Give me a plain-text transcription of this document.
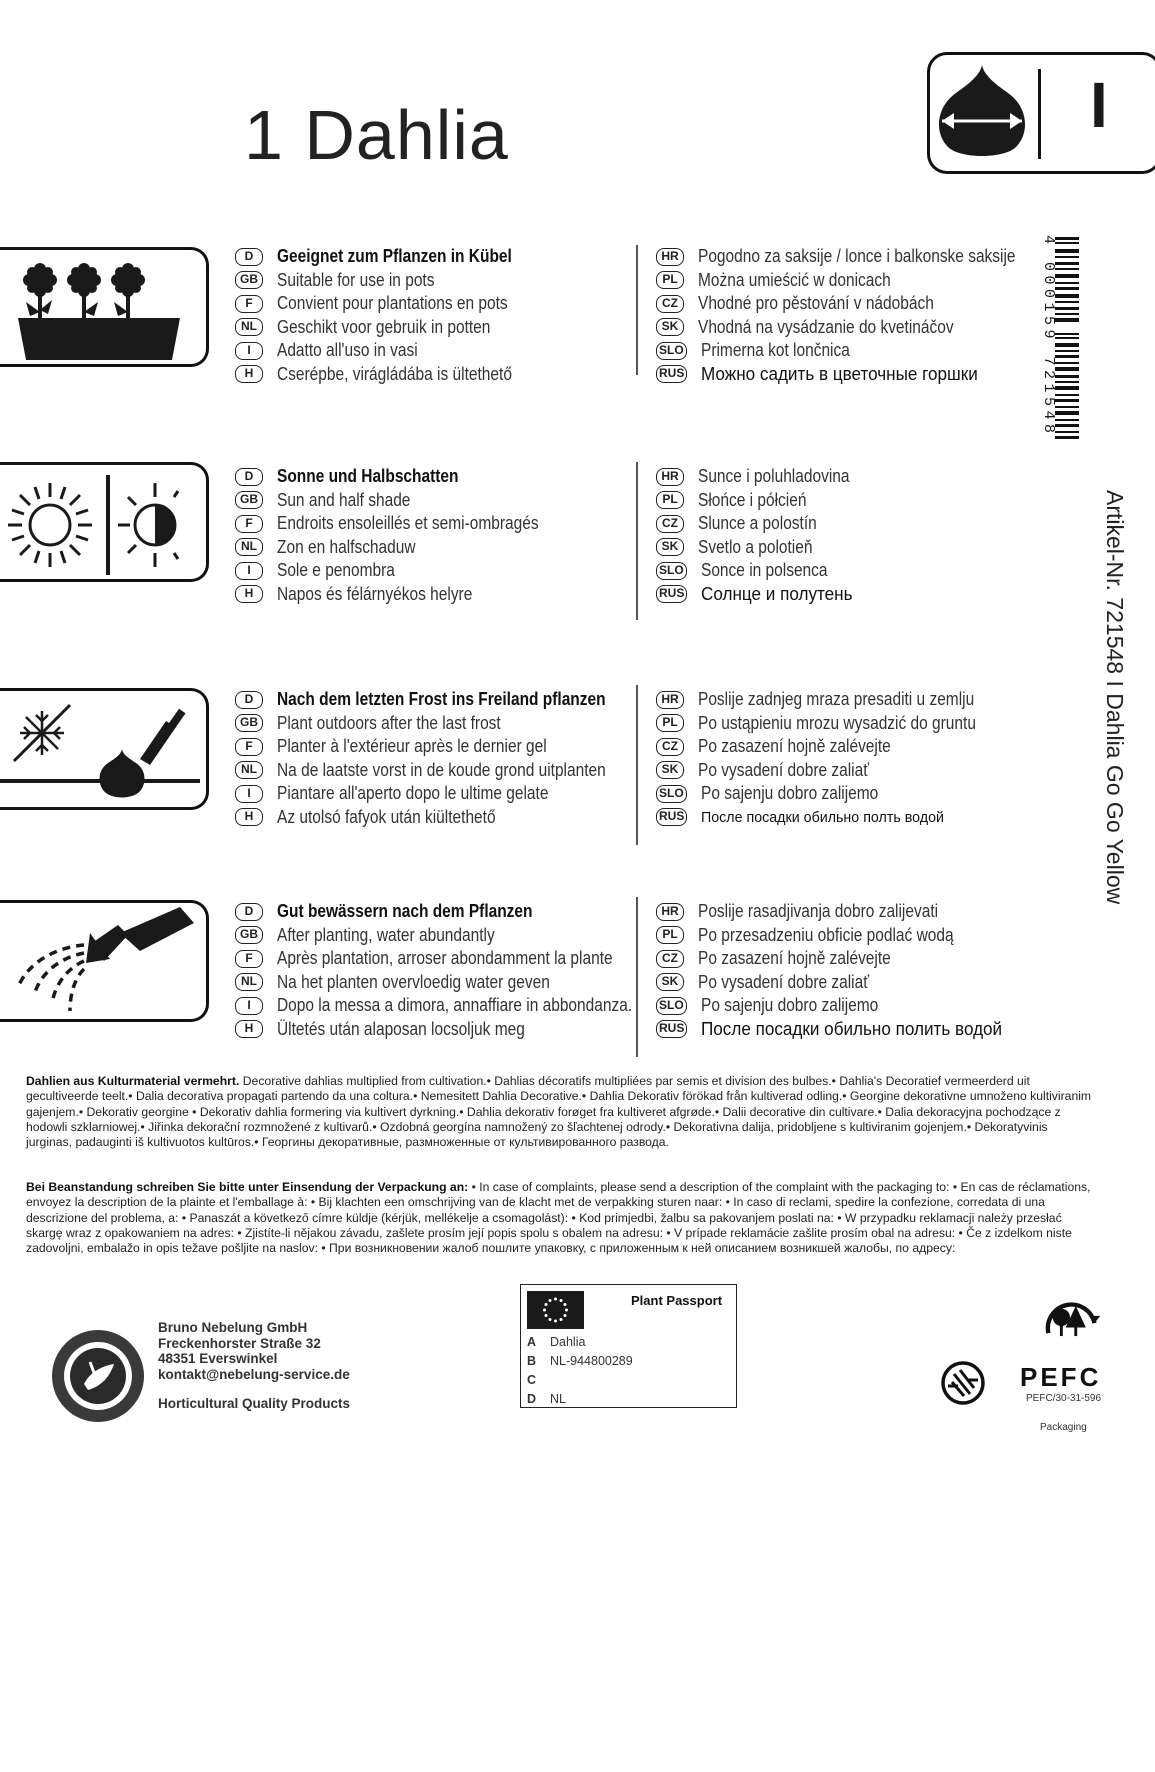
1 Dahlia	I
D	Geeignet zum Pflanzen in Kübel
GB Suitable for use in pots
F	Convient pour plantations en pots
NL	Geschikt voor gebruik in potten
I	Adatto all'uso in vasi
H	Cserépbe, virágládába is ültethető
HR Pogodno za saksije / lonce i balkonske saksije
PL	Można umieścić w donicach
CZ	Vhodné pro pěstování v nádobách
SK	Vhodná na vysádzanie do kvetináčov
SLO Primerna kot lončnica
RUS Можно садить в цветочные горшки
D	Sonne und Halbschatten
GB Sun and half shade
F	Endroits ensoleillés et semi-ombragés
NL	Zon en halfschaduw
I	Sole e penombra
H	Napos és félárnyékos helyre
HR Sunce i poluhladovina
PL	Słońce i półcień
CZ	Slunce a polostín
SK	Svetlo a polotieň
SLO Sonce in polsenca
RUS Солнце и полутень
D	Nach dem letzten Frost ins Freiland pflanzen
GB Plant outdoors after the last frost
F	Planter à l'extérieur après le dernier gel
NL	Na de laatste vorst in de koude grond uitplanten
I	Piantare all'aperto dopo le ultime gelate
H	Az utolsó fafyok után kiültethető
HR Poslije zadnjeg mraza presaditi u zemlju
PL	Po ustąpieniu mrozu wysadzić do gruntu
CZ	Po zasazení hojně zalévejte
SK	Po vysadení dobre zaliať
SLO Po sajenju dobro zalijemo
RUS После посадки обильно полть водой
D	Gut bewässern nach dem Pflanzen
GB After planting, water abundantly
F	Après plantation, arroser abondamment la plante
NL	Na het planten overvloedig water geven
I	Dopo la messa a dimora, annaffiare in abbondanza.
H	Ültetés után alaposan locsoljuk meg
HR Poslije rasadjivanja dobro zalijevati
PL	Po przesadzeniu obficie podlać wodą
CZ	Po zasazení hojně zalévejte
SK	Po vysadení dobre zaliať
SLO Po sajenju dobro zalijemo
RUS После посадки обильно полить водой
4 000159 721548
Artikel-Nr. 721548 I Dahlia Go Go Yellow
Dahlien aus Kulturmaterial vermehrt. Decorative dahlias multiplied from cultivation.• Dahlias décoratifs multipliées par semis et division des bulbes.• Dahlia's Decoratief vermeerderd uit gecultiveerde teelt.• Dalia decorativa propagati partendo da una coltura.• Nemesitett Dahlia Decorative.• Dahlia Dekorativ förökad från kultiverad odling.• Georgine dekorativne umnoženo kultiviranim gajenjem.• Dekorativ georgine • Dekorativ dahlia formering via kultivert dyrkning.• Dahlia dekorativ forøget fra kultiveret afgrøde.• Dalii decorative din cultivare.• Dalia dekoracyjna pochodzące z hodowli szklarniowej.• Jiřinka dekorační rozmnožené z kultivarů.• Ozdobná georgína namnožený zo šľachtenej odrody.• Dekorativna dalija, pridobljene s kultiviranim gojenjem.• Dekoratyvinis jurginas, padauginti iš kultivuotos kultūros.• Георгины декоративные, размноженные от культивированного развода.
Bei Beanstandung schreiben Sie bitte unter Einsendung der Verpackung an: • In case of complaints, please send a description of the complaint with the packaging to: • En cas de réclamations, envoyez la description de la plainte et l'emballage à: • Bij klachten een omschrijving van de klacht met de verpakking sturen naar: • In caso di reclami, spedire la confezione, corredata di una descrizione del problema, a: • Panaszát a következő címre küldje (kérjük, mellékelje a csomagolást): • Kod primjedbi, žalbu sa pakovanjem poslati na: • W przypadku reklamacji należy przesłać skargę wraz z opakowaniem na adres: • Zjistíte-li nějakou závadu, zašlete prosím její popis spolu s obalem na adresu: • V prípade reklamácie zašlite prosím obal na adresu: • Če z izdelkom niste zadovoljni, embalažo in opis težave pošljite na naslov: • При возникновении жалоб пошлите упаковку, с приложенным к ней описанием возникшей жалобы, по адресу:
Bruno Nebelung GmbH
Freckenhorster Straße 32
48351 Everswinkel
kontakt@nebelung-service.de
Horticultural Quality Products
Plant Passport
A	Dahlia
B	NL-944800289
C
D	NL
PEFC
PEFC/30-31-596
Packaging
